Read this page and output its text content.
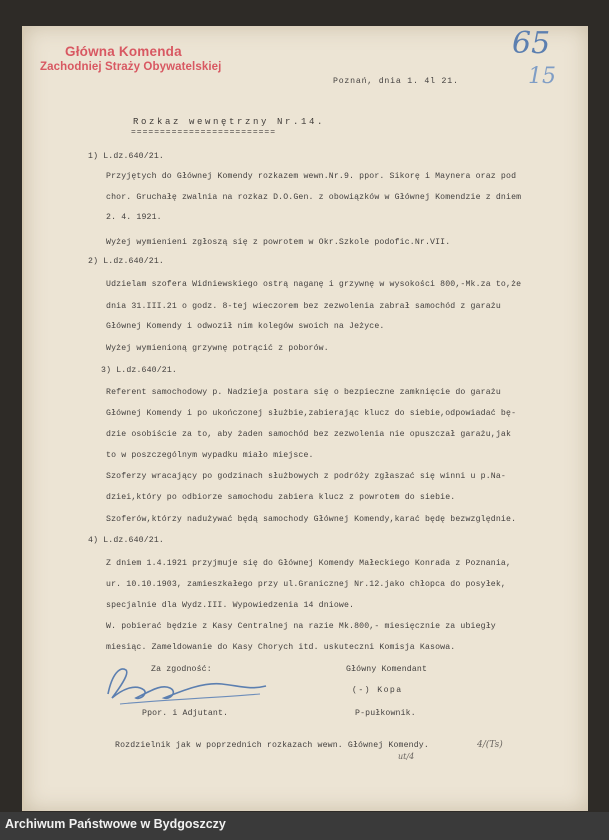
Główna Komenda
Zachodniej Straży Obywatelskiej
65
15
Poznań, dnia 1. 4l 21.
Rozkaz wewnętrzny Nr.14.
=========================
1) L.dz.640/21.
Przyjętych do Głównej Komendy rozkazem wewn.Nr.9. ppor. Sikorę i Maynera oraz pod
chor. Gruchałę zwalnia na rozkaz D.O.Gen. z obowiązków w Głównej Komendzie z dniem
2. 4. 1921.
Wyżej wymienieni zgłoszą się z powrotem w Okr.Szkole podofic.Nr.VII.
2) L.dz.640/21.
Udzielam szofera Widniewskiego ostrą naganę i grzywnę w wysokości 800,-Mk.za to,że
dnia 31.III.21 o godz. 8-tej wieczorem bez zezwolenia zabrał samochód z garażu
Głównej Komendy i odwoził nim kolegów swoich na Jeżyce.
Wyżej wymienioną grzywnę potrącić z poborów.
3) L.dz.640/21.
Referent samochodowy p. Nadzieja postara się o bezpieczne zamknięcie do garażu
Głównej Komendy i po ukończonej służbie,zabierając klucz do siebie,odpowiadać bę-
dzie osobiście za to, aby żaden samochód bez zezwolenia nie opuszczał garażu,jak
to w poszczególnym wypadku miało miejsce.
Szoferzy wracający po godzinach służbowych z podróży zgłaszać się winni u p.Na-
dziei,który po odbiorze samochodu zabiera klucz z powrotem do siebie.
Szoferów,którzy nadużywać będą samochody Głównej Komendy,karać będę bezwzględnie.
4) L.dz.640/21.
Z dniem 1.4.1921 przyjmuje się do Głównej Komendy Małeckiego Konrada z Poznania,
ur. 10.10.1903, zamieszkałego przy ul.Granicznej Nr.12.jako chłopca do posyłek,
specjalnie dla Wydz.III. Wypowiedzenia 14 dniowe.
W. pobierać będzie z Kasy Centralnej na razie Mk.800,- miesięcznie za ubiegły
miesiąc. Zameldowanie do Kasy Chorych itd. uskuteczni Komisja Kasowa.
Za zgodność:	Główny Komendant
(-) Kopa
Ppor. i Adjutant.	P-pułkownik.
Rozdzielnik jak w poprzednich rozkazach wewn. Głównej Komendy.	4/(Ts)
ut/4
Archiwum Państwowe w Bydgoszczy
